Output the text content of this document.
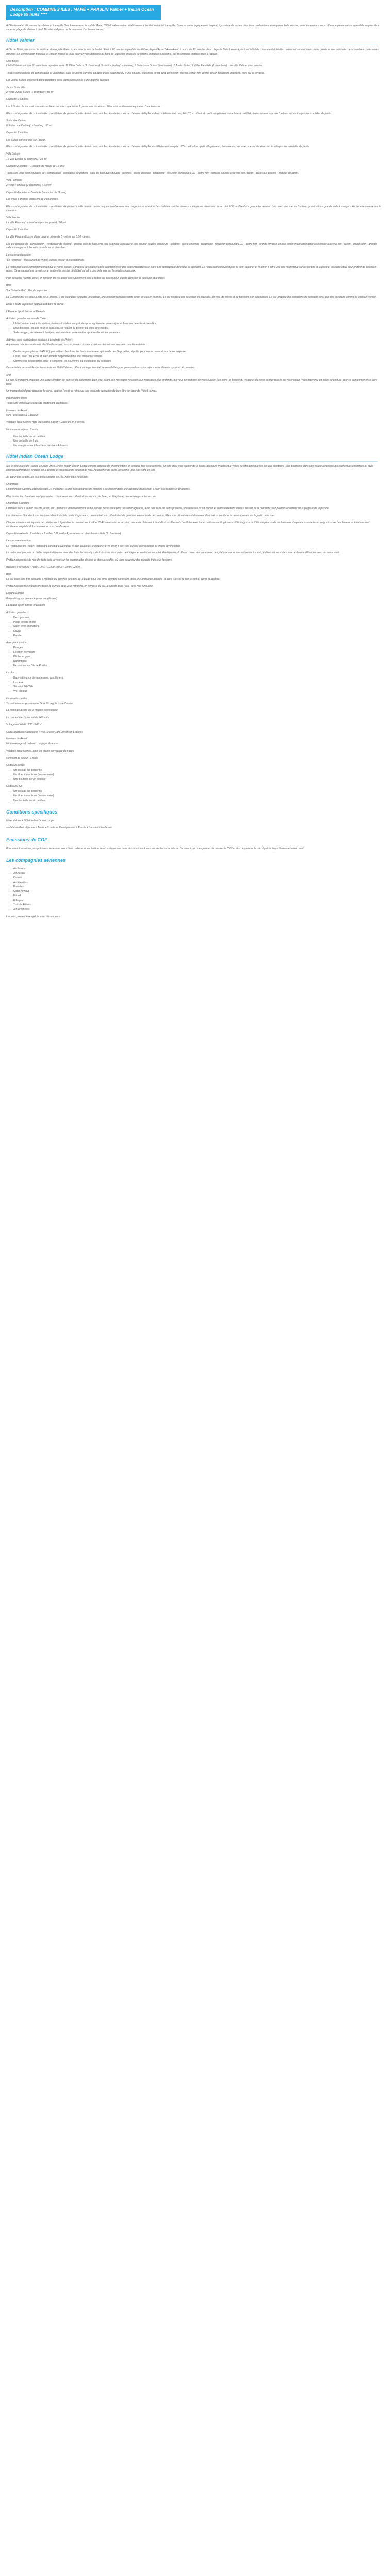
Description : COMBINE 2 ILES : MAHÉ + PRASLIN Valmer + Indian Ocean Lodge 09 nuits ****

A l'îlle de mahé, découvrez la sublime et tranquille Baie Lazare avec le sud de Mahé, l'Hôtel Valmer est un établissement familial tout à fait tranquille. Dans un cadre typiquement tropical, il possède de vastes chambres confortables ainsi qu'une belle piscine, mais les environs vous offre une pleine nature splendide en plus de la superbe plage de Valmer à pied. Nichées à 4 pieds de la nature et d'un beau charme.

Hôtel Valmer

A l'île de Mahé, découvrez la sublime et tranquille Baie Lazare avec le sud de Mahé. Situé à 20 minutes à pied de la célèbre plage d'Anse Takamaka et à moins de 10 minutes de la plage de Baie Lazare à pied, cet hôtel de charme est doté d'un restaurant servant une cuisine créole et internationale. Les chambres confortables donnent sur la végétation tropicale et l'océan Indien et vous pourrez vous détendre au bord de la piscine entourée de jardins exotiques luxuriants, sur les transats installés face à l'océan.

Cinq types

L'hôtel Valmer compte 21 chambres réparties entre 12 Villas Deluxe (3 chambres), 9 studios jardin (1 chambre), 8 Suites vue Océan (mezzanine), 2 Junior Suites, 2 Villas Familiale (2 chambres), une Villa Valmer avec piscine.

Toutes sont équipées de climatisation et ventilateur, salle de bains, carrelée équipée d'une baignoire ou d'une douche, téléphone direct avec connexion internet, coffre-fort, ventilo-chauf, télévision, bouilloire, mini-bar et terrasse.

Les Junior Suites disposent d'une baignoire avec balnéothérapie et d'une douche séparée.

Junior Suite Villa

2 Villas Junior Suites (1 chambre) : 45 m²

Capacité: 2 adultes

Les 2 Suites Junior sont non mansardée et ont une capacité de 2 personnes maximum. Elles sont entièrement équipées d'une terrasse...

Elles sont équipées de : climatisation - ventilateur de plafond - salle de bain avec articles de toilettes - sèche cheveux - téléphone direct - télévision écran plat LCD - coffre-fort - petit réfrigérateur - machine à café/thé - terrasse avec vue sur l'océan - accès à la piscine - mobilier de jardin.

Suite Vue Océan

8 Suites vue Océan (1 chambre) : 50 m²

Capacité: 2 adultes

Les Suites ont une vue sur l'océan.

Elles sont équipées de : climatisation - ventilateur de plafond - salle de bain avec articles de toilettes - sèche cheveux - téléphone - télévision écran plat LCD - coffre-fort - petit réfrigérateur - terrasse en bois avec vue sur l'océan - accès à la piscine - mobilier de jardin.

Villa Deluxe

12 Villa Deluxe (1 chambre) : 35 m²

Capacité 2 adultes + 1 enfant (de moins de 12 ans)

Toutes les villas sont équipées de : climatisation - ventilateur de plafond - salle de bain avec douche - toilettes - sèche cheveux - téléphone - télévision écran plat LCD - coffre-fort - terrasse en bois avec vue sur l'océan - accès à la piscine - mobilier de jardin.

Villa Familiale

2 Villas Familiale (2 chambres) : 100 m²

Capacité 4 adultes + 2 enfants (de moins de 12 ans)

Les Villas Familiale disposent de 2 chambres.

Elles sont équipées de : climatisation - ventilateur de plafond - salle de bain dans chaque chambre avec une baignoire ou une douche - toilettes - sèche cheveux - téléphone - télévision écran plat LCD - coffre-fort - grande terrasse en bois avec une vue sur l'océan - grand salon - grande salle à manger - kitchenette ouverte sur le chambre.

Villa Piscine

La Villa Piscine (1 chambre à piscine privée) : 90 m²

Capacité: 2 adultes

La Villa Piscine dispose d'une piscine privée de 5 mètres sur 3,50 mètres.

Elle est équipée de : climatisation - ventilateur de plafond - grande salle de bain avec une baignoire à jacuzzi et une grande douche extérieure - toilettes - sèche cheveux - téléphone - télévision écran plat LCD - coffre-fort - grande terrasse en bois entièrement aménagée à l'épicerie avec vue sur l'océan - grand salon - grande salle à manger - kitchenette ouverte sur la chambre.

L'espace restauration

"Le Pommier" : Restaurant de l'hôtel, cuisine créole et internationale.

Le restaurant a été complètement rénové et remis à neuf. Il propose des plats créoles traditionnels et des plats internationaux, dans une atmosphère détendue et agréable. Le restaurant est ouvert pour le petit déjeuner et le dîner. Il offre une vue magnifique sur les jardins et la piscine, un cadre idéal pour profiter de délicieux repas. Ce restaurant est ouvert sur le jardin et la piscine de l'hôtel qui offre une belle vue sur les jardins tropicaux.

Petit déjeuner (buffet), dîner, en fonction de vos choix (un supplément sera à régler sur place) pour le petit déjeuner, le déjeuner et le dîner.

Bars

"La Guinette Bar" : Bar de la piscine

La Guinette Bar est situé à côté de la piscine. Il est idéal pour déguster un cocktail, une boisson rafraîchissante ou un en-cas en journée. Le bar propose une sélection de cocktails, de vins, de bières et de boissons non alcoolisées. Le bar propose des sélections de boissons ainsi que des cocktails, comme le cocktail Valmer.

Diner à toute la journée jusqu'à tard dans la soirée.

L'Espace Sport, Loisirs et Détente
Activités gratuites au sein de l'hôtel :
• L'hôtel Valmer met à disposition plusieurs installations gratuites pour agrémenter votre séjour et favoriser détente et bien-être.
• Deux piscines, idéales pour se rafraîchir, se relaxer ou profiter du soleil seychellois.
• Salle de gym, parfaitement équipée pour maintenir votre routine sportive durant les vacances.
Activités avec participation, réalisée à proximité de l'hôtel :

A quelques minutes seulement de l'établissement, vous trouverez plusieurs options de loisirs et services complémentaires :

• Centre de plongée (un PADI5K), permettant d'explorer les fonds marins exceptionnels des Seychelles, réputés pour leurs coraux et leur faune tropicale.
• Cours, avec une école et avec enfants disponible dans une ambiance sereine.
• Commerces de proximité, pour le shopping, les souvenirs ou les besoins du quotidien.

Ces activités, accessibles facilement depuis l'hôtel Valmer, offrent un large éventail de possibilités pour personnaliser votre séjour entre détente, sport et découvertes.

SPA

Le Spa S'engagent proposer une large sélection de soins et de traitements bien-être, allant des massages relaxants aux massages plus profonds, qui vous permettront de vous évader. Les soins de beauté du visage et du corps sont proposés sur réservation. Vous trouverez un salon de coiffure pour se pomponner et se faire belle.

Un moment idéal pour détendre le corps, apaiser l'esprit et retrouver une profonde sensation de bien-être au cœur de l'hôtel Valmer.

Informations utiles

Toutes les principales cartes de crédit sont acceptées.

Horaires de Reveil

Mini-Forestages & Cadeaux

Valables toute l'année hors Trés hauts Saison / Dates de fin d'année.

Minimum de séjour : 3 nuits

• Une bouteille de vin pétillant
• Une corbeille de fruits
• Un enregistrement Pour les chambres 4 écrans
Hôtel Indian Ocean Lodge

Sur le côté ouest de Praslin, à Grand Anse, l'Hôtel Indian Ocean Lodge est une adresse de charme intime et exotique tout juste rénovée. Un site idéal pour profiter de la plage, découvrir Praslin et le Vallée de Mai ainsi que les îles aux alentours. Trois bâtiments dans une nature luxuriante qui cachent les chambres au style colonial confortables, proches de la piscine et du restaurant du bord de mer. Au coucher de soleil, les clients plus frais sont en ville.

Au cœur des jardins, les plus belles plages de l'Île, hôtel pour hôtel bon.

Chambres

L'hôtel Indian Ocean Lodge possède 10 chambres, toutes bien réparties de manière à se trouver dans une agréable disposition, à l'abri des regards et chambres.

Plus toutes les chambres sont proposées : Un bureau, un coffre-fort, un séchoir, de l'eau, un téléphone, des éclairages internes, etc.

Chambres Standard

Orientées face à la mer ou côté jardin, les Chambres Standard offrent tout le confort nécessaire pour un séjour agréable, avec une salle de bains privative, une terrasse ou un balcon et sont idéalement situées au sein de la propriété pour profiter facilement de la plage et de la piscine.

Les chambres Standard sont équipées d'un lit double ou de lits jumeaux, un mini-bar, un coffre-fort et de quelques éléments de décoration. Elles sont climatisées et disposent d'un balcon ou d'une terrasse donnant sur le jardin ou la mer.

Chaque chambre est équipée de : téléphone à ligne directe - connexion à wifi et Wi-Fi - télévision écran plat, connexion Internet à haut débit - coffre-fort - bouilloire avec thé et café - mini-réfrigérateur - 2 lit king size ou 2 lits simples - salle de bain avec baignoire - serviettes et peignoirs - sèche-cheveux - climatisation et ventilateur au plafond. Les chambres sont non-fumeurs.

Capacité maximale : 2 adultes + 1 enfant (-12 ans) - 4 personnes en chambre familiale (2 chambres)

L'espace restauration

Le Restaurant de l'hôtel : restaurant principal ouvert pour le petit-déjeuner, le déjeuner et le dîner. Il sert une cuisine internationale et créole seychelloise.

Le restaurant propose un buffet au petit-déjeuner avec des fruits locaux et jus de fruits frais ainsi qu'un petit déjeuner américain complet. Au déjeuner, il offre un menu à la carte avec des plats locaux et internationaux. Le soir, le dîner est servi dans une ambiance détendue avec un menu varié.

Profitez en journée de nos de fruits frais, à vivre sur les promenades de bars et dans les cafés, où vous trouverez des produits frais tous les jours.

Horaires d'ouverture : 7h30-10h00 ; 11h00-15h00 ; 19h00-22h00

Bars

Le bar vous sera très agréable à moment du coucher du soleil de la plage pour vos amis ou votre partenaire dans une ambiance paisible, et avec vue sur la mer, avant ou après la journée.

Profitez en journée et boissons toute la journée pour vous rafraîchir, en terrasse du bar, les pieds dans l'eau, de la mer turquoise.

Espace Famille

Baby-sitting sur demande (avec supplément).

L'Espace Sport, Loisirs et Détente
Activités gratuites :
• Deux piscines
• Plage devant l'hôtel
• Salon avec animations
• Kayak
• Paddle
Avec participation :
• Plongée
• Location de voiture
• Pêche au gros
• Randonnée
• Excursions sur l'Île de Praslin
Le plus
• Baby-sitting sur demande avec supplément
• Luxueux
• Sécurité 24h/24h
• Wi-Fi gratuit
Informations utiles

Température moyenne entre 24 et 30 degrés toute l'année

La monnaie locale est la Roupie seychelloise

Le courant électrique est de 240 volts

Voltage en 'Wi-Fi' : 220 / 240 V

Cartes bancaires acceptées : Visa, MasterCard, American Express

Horaires de Reveil

Mini-avantages & cadeaux : voyage de noces

Valables toute l'année, pour les clients en voyage de noces

Minimum de séjour : 3 nuits

Cadeaux Noces
• Un cocktail par personne
• Un dîner romantique (fois/semaine)
• Une bouteille de vin pétillant
Cadeaux Plus
• Un cocktail par personne
• Un dîner romantique (fois/semaine)
• Une bouteille de vin pétillant
Conditions spécifiques

Hôtel Valmer + Hôtel Indian Ocean Lodge

+ Mahé en Petit déjeuner à Mahé + 5 nuits en Demi-pension à Praslin + transfert inter-îlesen

Emissions de CO2

Pour vos informations plus précises concernant votre bilan carbone et le climat et ses conséquences nous vous invitons à vous connecter sur le site de Carbone 4 qui vous permet de calculer le CO2 et de comprendre le calcul précis. https://www.carbone4.com/

Les compagnies aériennes
• Air France
• Air Austral
• Corsair
• Air Mauritius
• Emirates
• Qatar Airways
• Etihad
• Ethiopian
• Turkish Airlines
• Air Seychelles

Les vols peuvent être opérés avec des escales
